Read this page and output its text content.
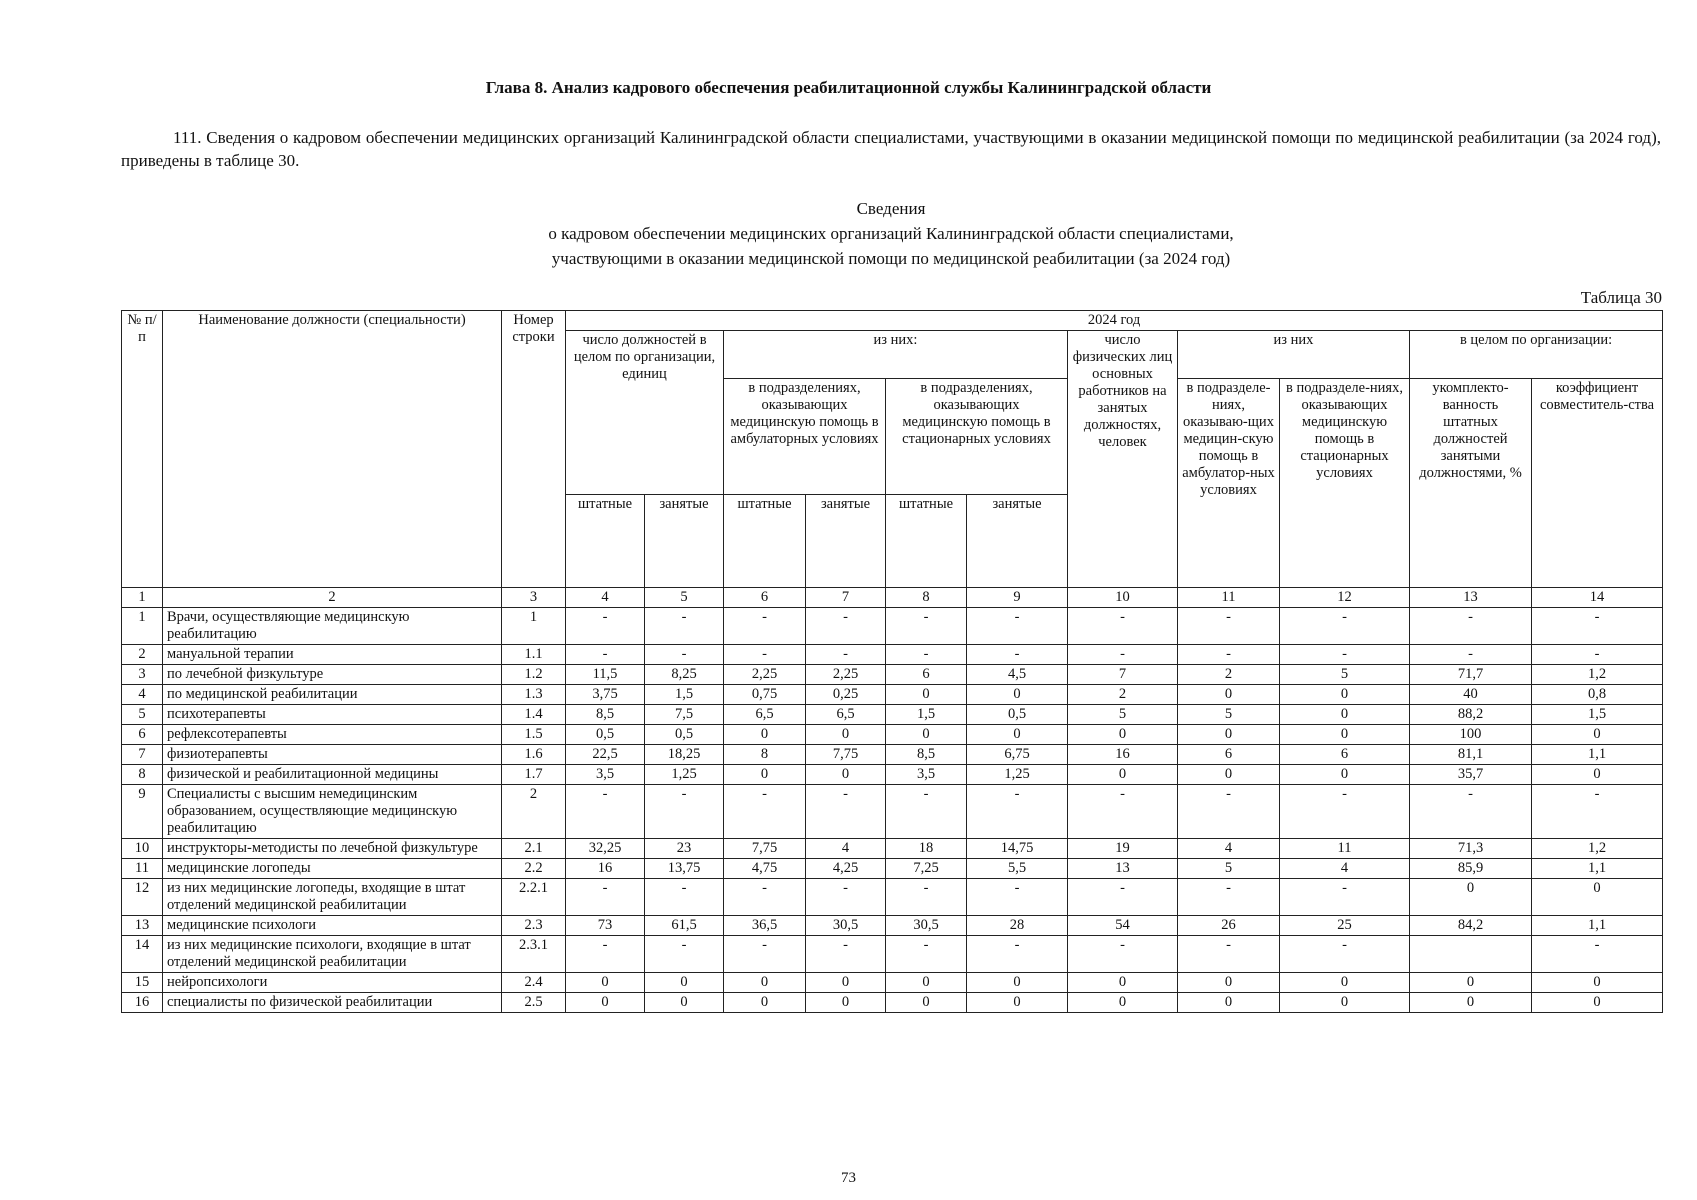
Глава 8. Анализ кадрового обеспечения реабилитационной службы Калининградской области
111. Сведения о кадровом обеспечении медицинских организаций Калининградской области специалистами, участвующими в оказании медицинской помощи по медицинской реабилитации (за 2024 год), приведены в таблице 30.
Сведения
о кадровом обеспечении медицинских организаций Калининградской области специалистами,
участвующими в оказании медицинской помощи по медицинской реабилитации (за 2024 год)
Таблица 30
№ п/п	Наименование должности (специальности)	Номер строки	2024 год										
			число должностей в целом по организации, единиц		из них:				число физических лиц основных работников на занятых должностях, человек	из них		в целом по организации:	
					в подразделениях, оказывающих медицинскую помощь в амбулаторных условиях		в подразделениях, оказывающих медицинскую помощь в стационарных условиях			в подразделе-ниях, оказываю-щих медицин-скую помощь в амбулатор-ных условиях	в подразделе-ниях, оказывающих медицинскую помощь в стационарных условиях	укомплекто-ванность штатных должностей занятыми должностями, %	коэффициент совместитель-ства
			штатные	занятые	штатные	занятые	штатные	занятые					
1	2	3	4	5	6	7	8	9	10	11	12	13	14
1	Врачи, осуществляющие медицинскую реабилитацию	1	-	-	-	-	-	-	-	-	-	-	-
2	мануальной терапии	1.1	-	-	-	-	-	-	-	-	-	-	-
3	по лечебной физкультуре	1.2	11,5	8,25	2,25	2,25	6	4,5	7	2	5	71,7	1,2
4	по медицинской реабилитации	1.3	3,75	1,5	0,75	0,25	0	0	2	0	0	40	0,8
5	психотерапевты	1.4	8,5	7,5	6,5	6,5	1,5	0,5	5	5	0	88,2	1,5
6	рефлексотерапевты	1.5	0,5	0,5	0	0	0	0	0	0	0	100	0
7	физиотерапевты	1.6	22,5	18,25	8	7,75	8,5	6,75	16	6	6	81,1	1,1
8	физической и реабилитационной медицины	1.7	3,5	1,25	0	0	3,5	1,25	0	0	0	35,7	0
9	Специалисты с высшим немедицинским образованием, осуществляющие медицинскую реабилитацию	2	-	-	-	-	-	-	-	-	-	-	-
10	инструкторы-методисты по лечебной физкультуре	2.1	32,25	23	7,75	4	18	14,75	19	4	11	71,3	1,2
11	медицинские логопеды	2.2	16	13,75	4,75	4,25	7,25	5,5	13	5	4	85,9	1,1
12	из них медицинские логопеды, входящие в штат отделений медицинской реабилитации	2.2.1	-	-	-	-	-	-	-	-	-	0	0
13	медицинские психологи	2.3	73	61,5	36,5	30,5	30,5	28	54	26	25	84,2	1,1
14	из них медицинские психологи, входящие в штат отделений медицинской реабилитации	2.3.1	-	-	-	-	-	-	-	-	-		-
15	нейропсихологи	2.4	0	0	0	0	0	0	0	0	0	0	0
16	специалисты по физической реабилитации	2.5	0	0	0	0	0	0	0	0	0	0	0
73
